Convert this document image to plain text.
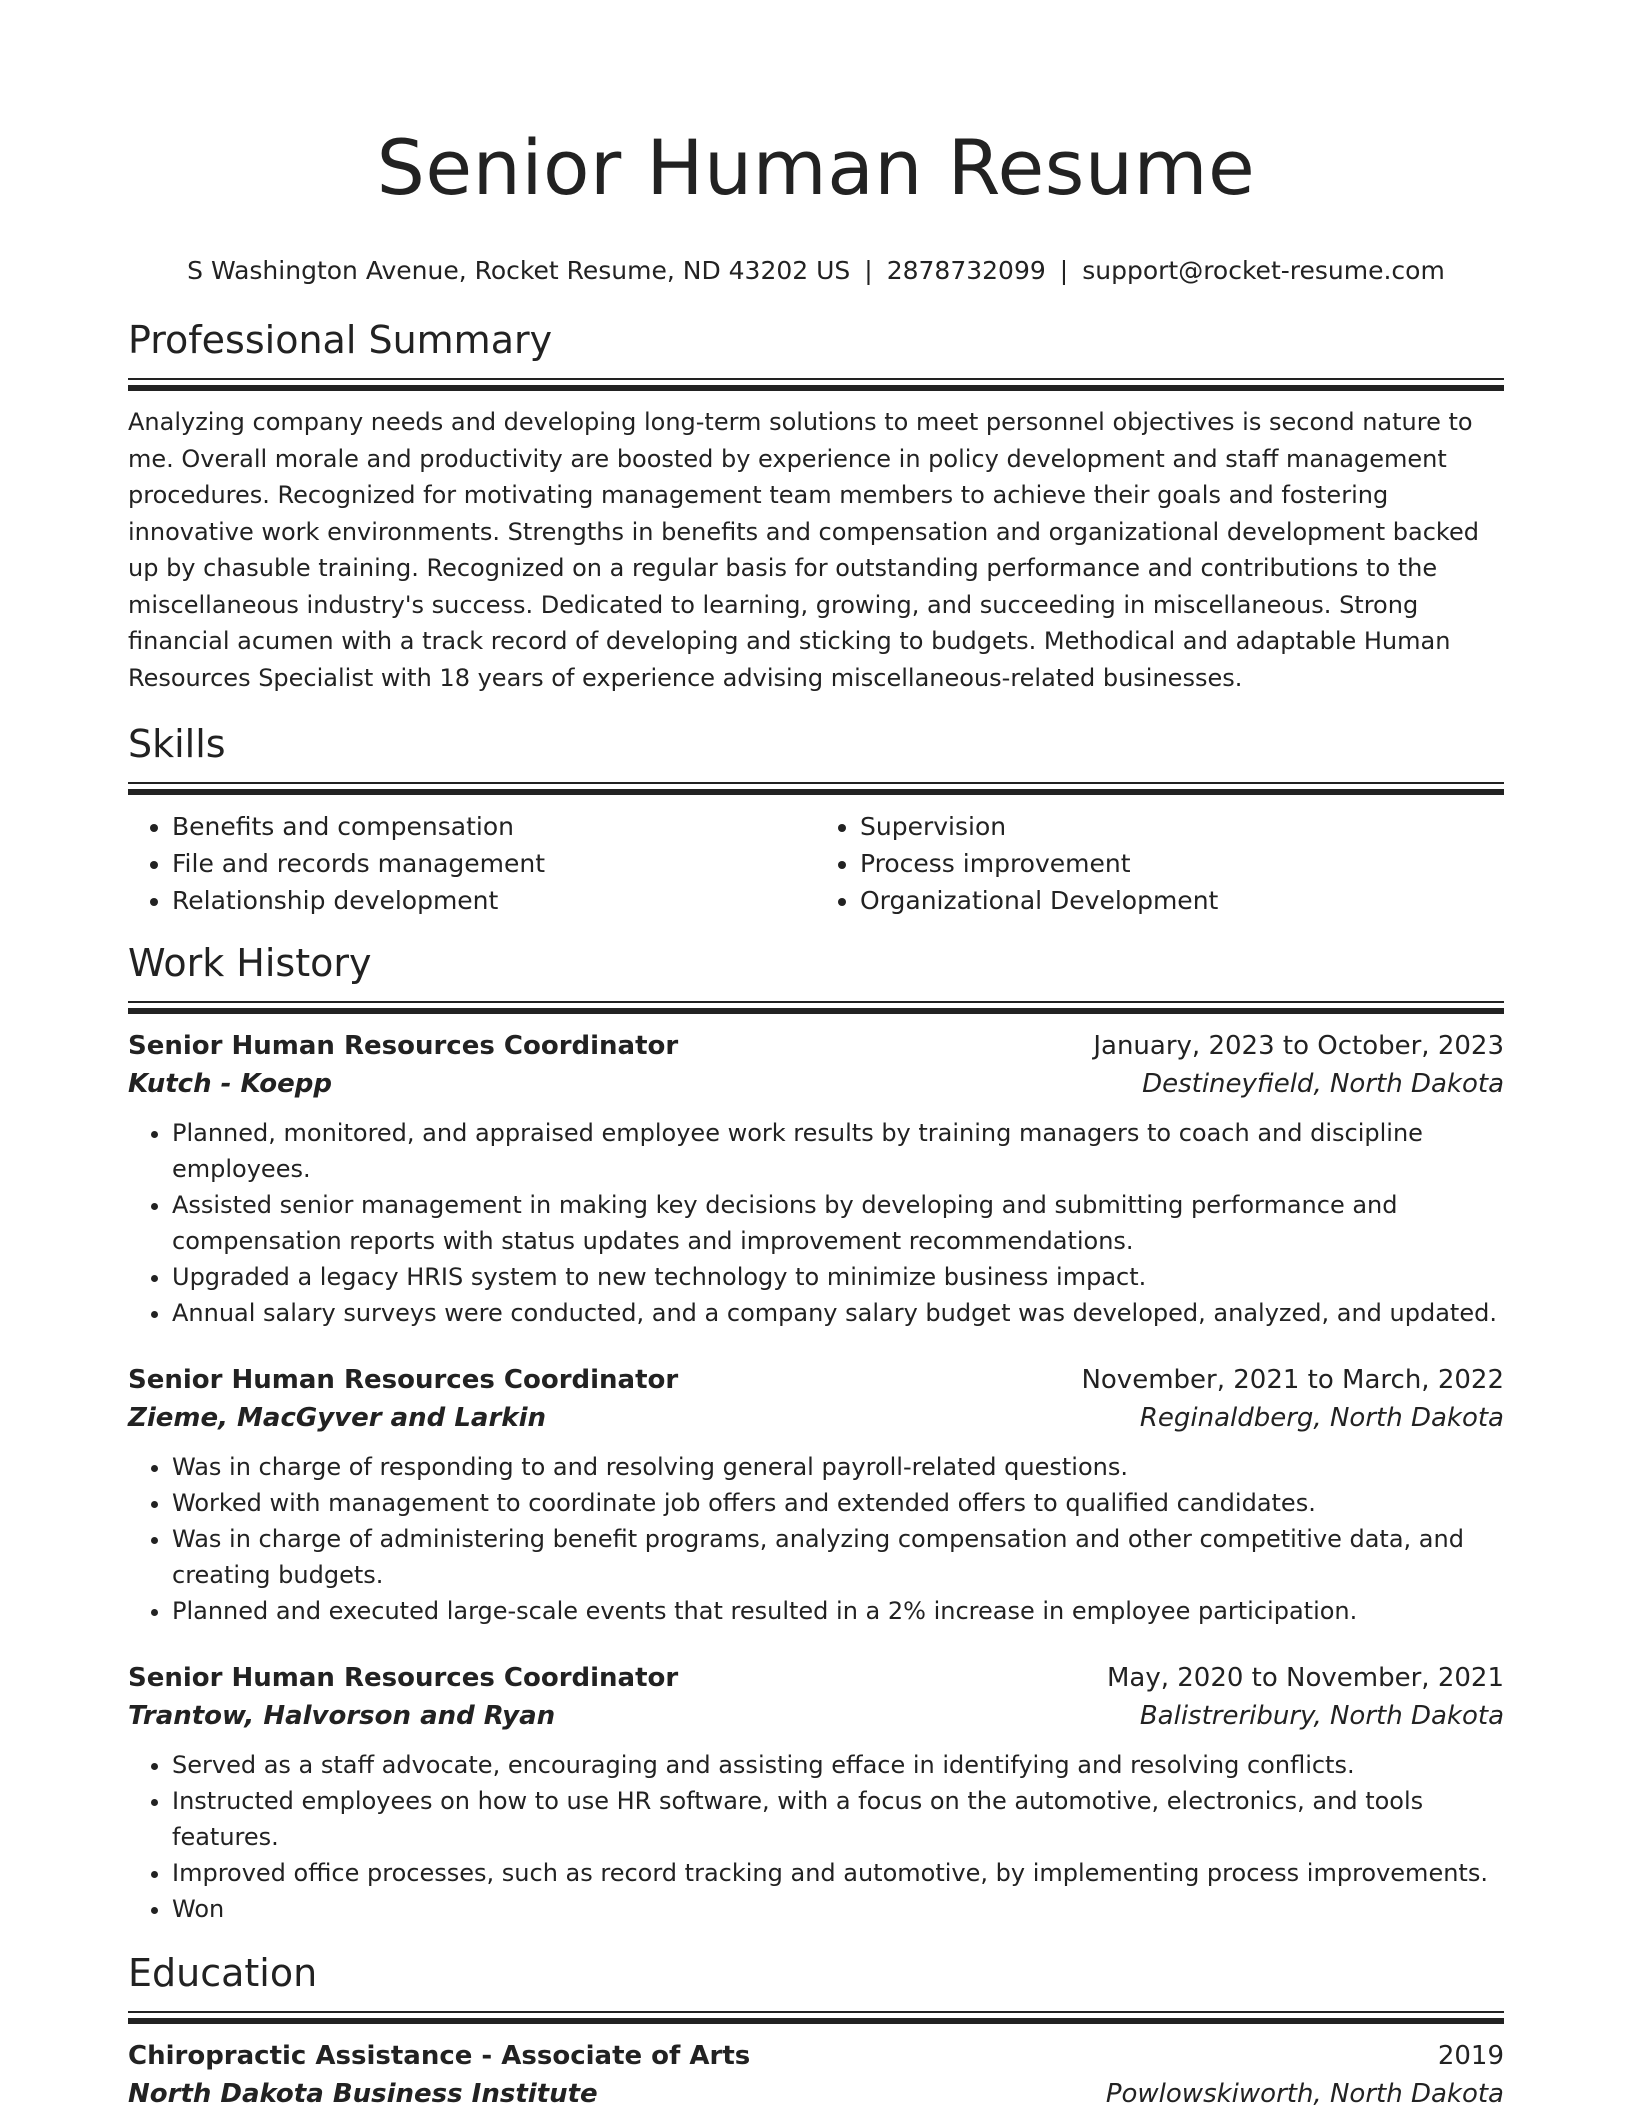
Senior Human Resume
S Washington Avenue, Rocket Resume, ND 43202 US | 2878732099 | support@rocket-resume.com
Professional Summary

Analyzing company needs and developing long-term solutions to meet personnel objectives is second nature to me. Overall morale and productivity are boosted by experience in policy development and staff management procedures. Recognized for motivating management team members to achieve their goals and fostering innovative work environments. Strengths in benefits and compensation and organizational development backed up by chasuble training. Recognized on a regular basis for outstanding performance and contributions to the miscellaneous industry's success. Dedicated to learning, growing, and succeeding in miscellaneous. Strong financial acumen with a track record of developing and sticking to budgets. Methodical and adaptable Human Resources Specialist with 18 years of experience advising miscellaneous-related businesses.

Skills
• Benefits and compensation
• File and records management
• Relationship development
• Supervision
• Process improvement
• Organizational Development
Work History
Senior Human Resources Coordinator	January, 2023 to October, 2023
Kutch - Koepp	Destineyfield, North Dakota
• Planned, monitored, and appraised employee work results by training managers to coach and discipline employees.
• Assisted senior management in making key decisions by developing and submitting performance and compensation reports with status updates and improvement recommendations.
• Upgraded a legacy HRIS system to new technology to minimize business impact.
• Annual salary surveys were conducted, and a company salary budget was developed, analyzed, and updated.
Senior Human Resources Coordinator	November, 2021 to March, 2022
Zieme, MacGyver and Larkin	Reginaldberg, North Dakota
• Was in charge of responding to and resolving general payroll-related questions.
• Worked with management to coordinate job offers and extended offers to qualified candidates.
• Was in charge of administering benefit programs, analyzing compensation and other competitive data, and creating budgets.
• Planned and executed large-scale events that resulted in a 2% increase in employee participation.
Senior Human Resources Coordinator	May, 2020 to November, 2021
Trantow, Halvorson and Ryan	Balistreribury, North Dakota
• Served as a staff advocate, encouraging and assisting efface in identifying and resolving conflicts.
• Instructed employees on how to use HR software, with a focus on the automotive, electronics, and tools features.
• Improved office processes, such as record tracking and automotive, by implementing process improvements.
• Won
Education
Chiropractic Assistance - Associate of Arts	2019
North Dakota Business Institute	Powlowskiworth, North Dakota
